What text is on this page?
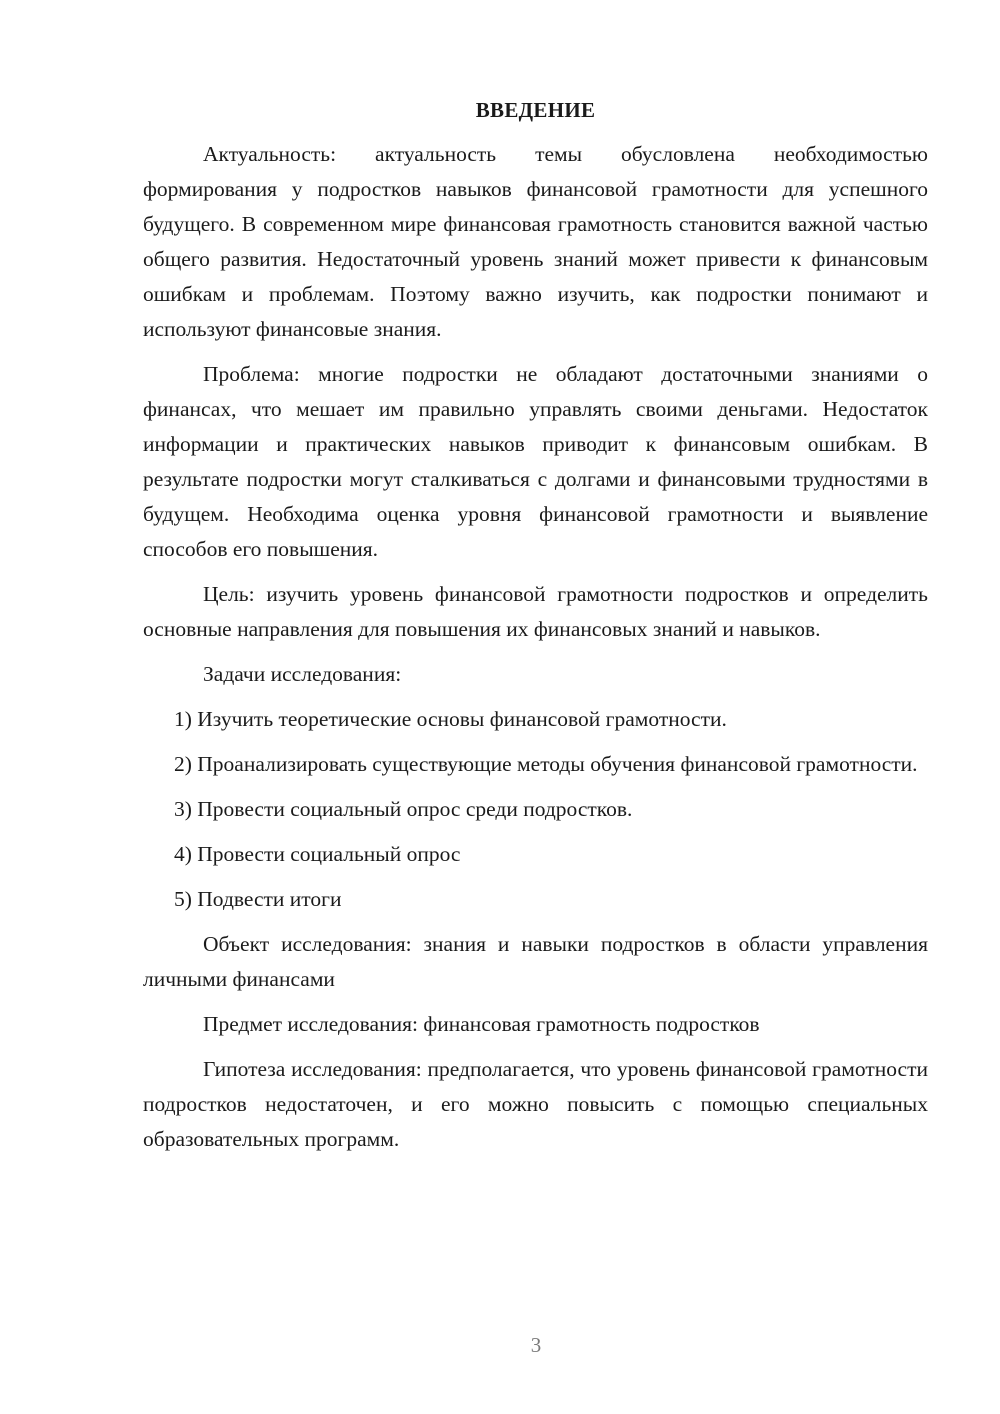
ВВЕДЕНИЕ

Актуальность: актуальность темы обусловлена необходимостью формирования у подростков навыков финансовой грамотности для успешного будущего. В современном мире финансовая грамотность становится важной частью общего развития. Недостаточный уровень знаний может привести к финансовым ошибкам и проблемам. Поэтому важно изучить, как подростки понимают и используют финансовые знания.

Проблема: многие подростки не обладают достаточными знаниями о финансах, что мешает им правильно управлять своими деньгами. Недостаток информации и практических навыков приводит к финансовым ошибкам. В результате подростки могут сталкиваться с долгами и финансовыми трудностями в будущем. Необходима оценка уровня финансовой грамотности и выявление способов его повышения.

Цель: изучить уровень финансовой грамотности подростков и определить основные направления для повышения их финансовых знаний и навыков.

Задачи исследования:

1) Изучить теоретические основы финансовой грамотности.

2) Проанализировать существующие методы обучения финансовой грамотности.

3) Провести социальный опрос среди подростков.

4) Провести социальный опрос

5) Подвести итоги

Объект исследования: знания и навыки подростков в области управления личными финансами

Предмет исследования: финансовая грамотность подростков

Гипотеза исследования: предполагается, что уровень финансовой грамотности подростков недостаточен, и его можно повысить с помощью специальных образовательных программ.

3
